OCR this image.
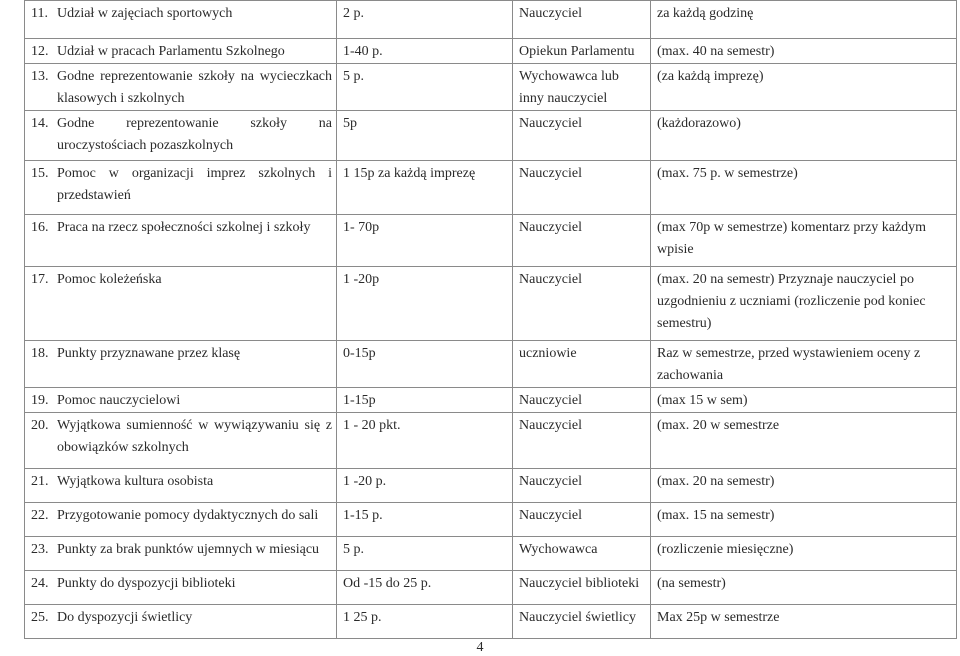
11. Udział w zajęciach sportowych	2 p.	Nauczyciel	za każdą godzinę

12. Udział w pracach Parlamentu Szkolnego	1-40 p.	Opiekun Parlamentu	(max. 40 na semestr)

13. Godne reprezentowanie szkoły na wycieczkach klasowych i szkolnych	5 p.	Wychowawca lub inny nauczyciel	(za każdą imprezę)

14. Godne reprezentowanie szkoły na uroczystościach pozaszkolnych	5p	Nauczyciel	(każdorazowo)

15. Pomoc w organizacji imprez szkolnych i przedstawień	1 15p za każdą imprezę	Nauczyciel	(max. 75 p. w semestrze)

16. Praca na rzecz społeczności szkolnej i szkoły	1- 70p	Nauczyciel	(max 70p w semestrze) komentarz przy każdym wpisie

17. Pomoc koleżeńska	1 -20p	Nauczyciel	(max. 20 na semestr) Przyznaje nauczyciel po uzgodnieniu z uczniami (rozliczenie pod koniec semestru)

18. Punkty przyznawane przez klasę	0-15p	uczniowie	Raz w semestrze, przed wystawieniem oceny z zachowania

19. Pomoc nauczycielowi	1-15p	Nauczyciel	(max 15 w sem)

20. Wyjątkowa sumienność w wywiązywaniu się z obowiązków szkolnych	1 - 20 pkt.	Nauczyciel	(max. 20 w semestrze

21. Wyjątkowa kultura osobista	1 -20 p.	Nauczyciel	(max. 20 na semestr)

22. Przygotowanie pomocy dydaktycznych do sali	1-15 p.	Nauczyciel	(max. 15 na semestr)

23. Punkty za brak punktów ujemnych w miesiącu	5 p.	Wychowawca	(rozliczenie miesięczne)

24. Punkty do dyspozycji biblioteki	Od -15 do 25 p.	Nauczyciel biblioteki	(na semestr)

25. Do dyspozycji świetlicy	1 25 p.	Nauczyciel świetlicy	Max 25p w semestrze
4
